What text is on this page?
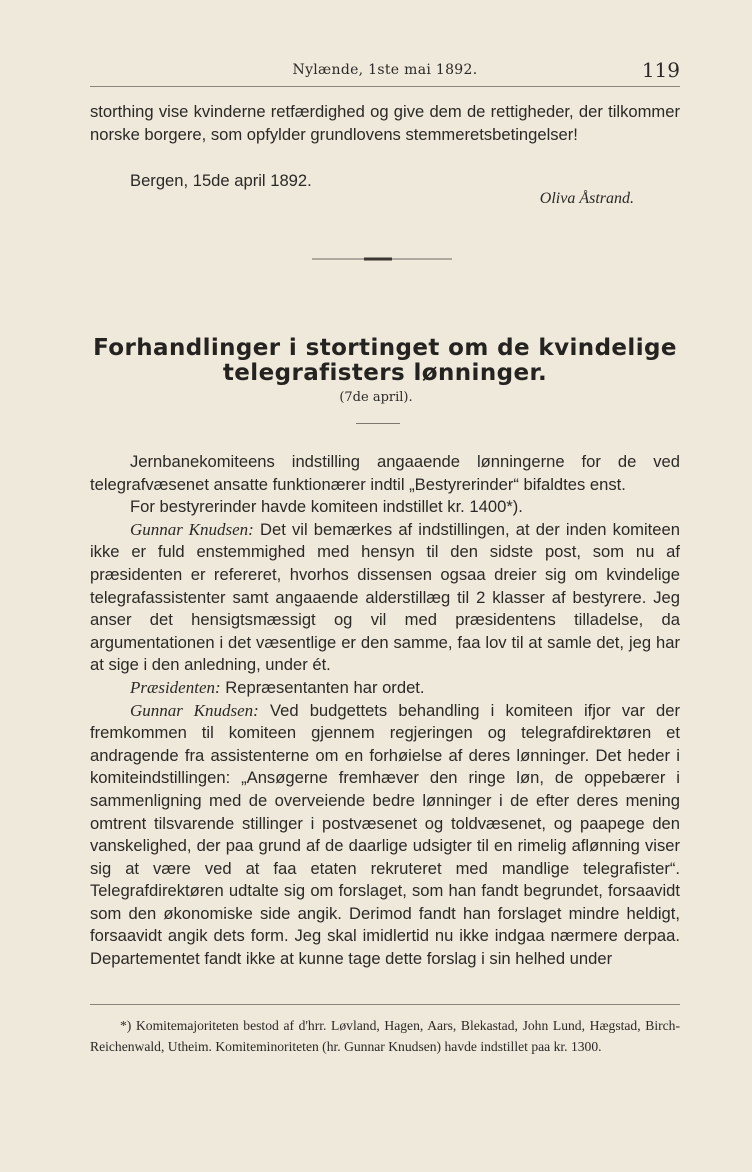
Nylænde, 1ste mai 1892.	119

storthing vise kvinderne retfærdighed og give dem de rettigheder, der tilkommer norske borgere, som opfylder grundlovens stemmeretsbetingelser!

Bergen, 15de april 1892.
Oliva Åstrand.
Forhandlinger i stortinget om de kvindelige telegrafisters lønninger.
(7de april).

Jernbanekomiteens indstilling angaaende lønningerne for de ved telegrafvæsenet ansatte funktionærer indtil „Bestyrerinder“ bifaldtes enst.

For bestyrerinder havde komiteen indstillet kr. 1400*).

Gunnar Knudsen: Det vil bemærkes af indstillingen, at der inden komiteen ikke er fuld enstemmighed med hensyn til den sidste post, som nu af præsidenten er refereret, hvorhos dissensen ogsaa dreier sig om kvindelige telegrafassistenter samt angaaende alderstillæg til 2 klasser af bestyrere. Jeg anser det hensigtsmæssigt og vil med præsidentens tilladelse, da argumentationen i det væsentlige er den samme, faa lov til at samle det, jeg har at sige i den anledning, under ét.

Præsidenten: Repræsentanten har ordet.

Gunnar Knudsen: Ved budgettets behandling i komiteen ifjor var der fremkommen til komiteen gjennem regjeringen og telegrafdirektøren et andragende fra assistenterne om en forhøielse af deres lønninger. Det heder i komiteindstillingen: „Ansøgerne fremhæver den ringe løn, de oppebærer i sammenligning med de overveiende bedre lønninger i de efter deres mening omtrent tilsvarende stillinger i postvæsenet og toldvæsenet, og paapege den vanskelighed, der paa grund af de daarlige udsigter til en rimelig aflønning viser sig at være ved at faa etaten rekruteret med mandlige telegrafister“. Telegrafdirektøren udtalte sig om forslaget, som han fandt begrundet, forsaavidt som den økonomiske side angik. Derimod fandt han forslaget mindre heldigt, forsaavidt angik dets form. Jeg skal imidlertid nu ikke indgaa nærmere derpaa. Departementet fandt ikke at kunne tage dette forslag i sin helhed under

*) Komitemajoriteten bestod af d'hrr. Løvland, Hagen, Aars, Blekastad, John Lund, Hægstad, Birch-Reichenwald, Utheim. Komiteminoriteten (hr. Gunnar Knudsen) havde indstillet paa kr. 1300.
